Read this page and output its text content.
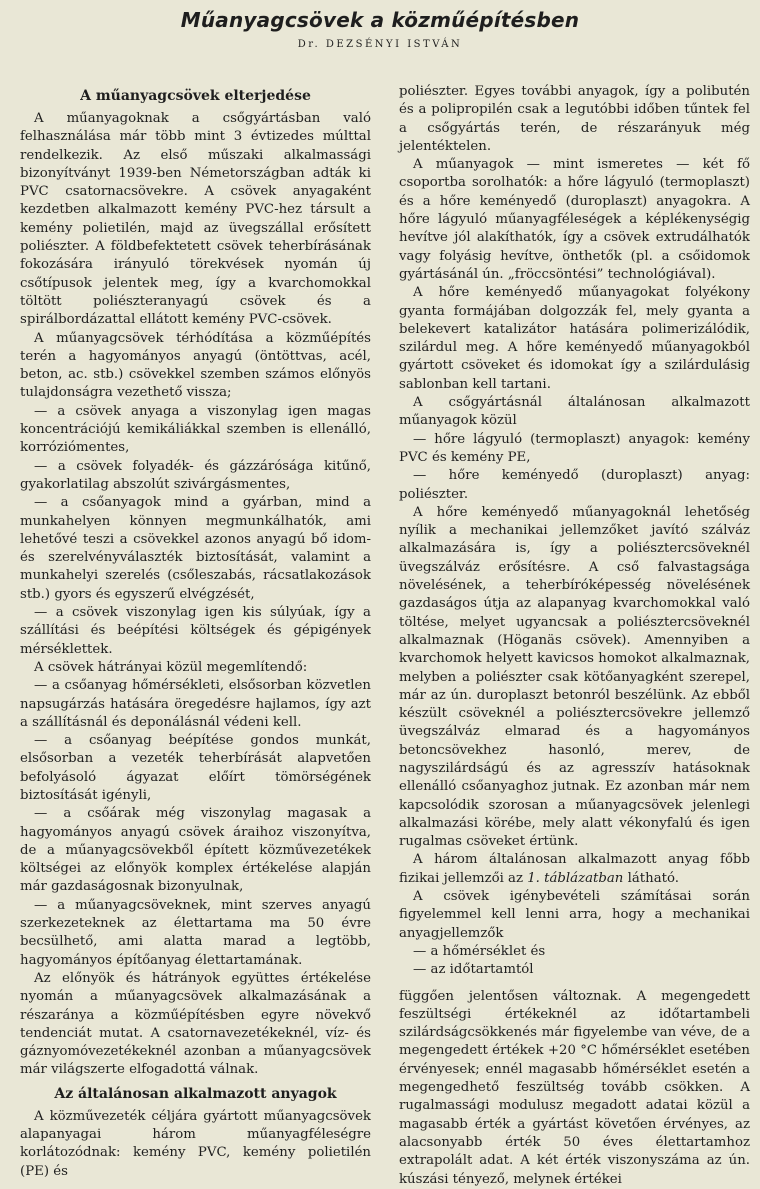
Műanyagcsövek a közműépítésben
Dr. DEZSÉNYI ISTVÁN
A műanyagcsövek elterjedése

A műanyagoknak a csőgyártásban való felhasználása már több mint 3 évtizedes múlttal rendelkezik. Az első műszaki alkalmassági bizonyítványt 1939-ben Németországban adták ki PVC csatornacsövekre. A csövek anyagaként kezdetben alkalmazott kemény PVC-hez társult a kemény polietilén, majd az üvegszállal erősített poliészter. A földbefektetett csövek teherbírásának fokozására irányuló törekvések nyomán új csőtípusok jelentek meg, így a kvarchomokkal töltött poliészteranyagú csövek és a spirálbordázattal ellátott kemény PVC-csövek.

A műanyagcsövek térhódítása a közműépítés terén a hagyományos anyagú (öntöttvas, acél, beton, ac. stb.) csövekkel szemben számos előnyös tulajdonságra vezethető vissza;

— a csövek anyaga a viszonylag igen magas koncentrációjú kemikáliákkal szemben is ellenálló, korróziómentes,

— a csövek folyadék- és gázzárósága kitűnő, gyakorlatilag abszolút szivárgásmentes,

— a csőanyagok mind a gyárban, mind a munkahelyen könnyen megmunkálhatók, ami lehetővé teszi a csövekkel azonos anyagú bő idom- és szerelvényválaszték biztosítását, valamint a munkahelyi szerelés (csőleszabás, rácsatlakozások stb.) gyors és egyszerű elvégzését,

— a csövek viszonylag igen kis súlyúak, így a szállítási és beépítési költségek és gépigények mérséklettek.

A csövek hátrányai közül megemlítendő:

— a csőanyag hőmérsékleti, elsősorban közvetlen napsugárzás hatására öregedésre hajlamos, így azt a szállításnál és deponálásnál védeni kell.

— a csőanyag beépítése gondos munkát, elsősorban a vezeték teherbírását alapvetően befolyásoló ágyazat előírt tömörségének biztosítását igényli,

— a csőárak még viszonylag magasak a hagyományos anyagú csövek áraihoz viszonyítva, de a műanyagcsövekből épített közművezetékek költségei az előnyök komplex értékelése alapján már gazdaságosnak bizonyulnak,

— a műanyagcsöveknek, mint szerves anyagú szerkezeteknek az élettartama ma 50 évre becsülhető, ami alatta marad a legtöbb, hagyományos építőanyag élettartamának.

Az előnyök és hátrányok együttes értékelése nyomán a műanyagcsövek alkalmazásának a részaránya a közműépítésben egyre növekvő tendenciát mutat. A csatornavezetékeknél, víz- és gáznyomóvezetékeknél azonban a műanyagcsövek már világszerte elfogadottá válnak.

Az általánosan alkalmazott anyagok

A közművezeték céljára gyártott műanyagcsövek alapanyagai három műanyagféleségre korlátozódnak: kemény PVC, kemény polietilén (PE) és

poliészter. Egyes további anyagok, így a polibutén és a polipropilén csak a legutóbbi időben tűntek fel a csőgyártás terén, de részarányuk még jelentéktelen.

A műanyagok — mint ismeretes — két fő csoportba sorolhatók: a hőre lágyuló (termoplaszt) és a hőre keményedő (duroplaszt) anyagokra. A hőre lágyuló műanyagféleségek a képlékenységig hevítve jól alakíthatók, így a csövek extrudálhatók vagy folyásig hevítve, önthetők (pl. a csőidomok gyártásánál ún. „fröccsöntési” technológiával).

A hőre keményedő műanyagokat folyékony gyanta formájában dolgozzák fel, mely gyanta a belekevert katalizátor hatására polimerizálódik, szilárdul meg. A hőre keményedő műanyagokból gyártott csöveket és idomokat így a szilárdulásig sablonban kell tartani.

A csőgyártásnál általánosan alkalmazott műanyagok közül

— hőre lágyuló (termoplaszt) anyagok: kemény PVC és kemény PE,

— hőre keményedő (duroplaszt) anyag: poliészter.

A hőre keményedő műanyagoknál lehetőség nyílik a mechanikai jellemzőket javító szálváz alkalmazására is, így a poliésztercsöveknél üvegszálváz erősítésre. A cső falvastagsága növelésének, a teherbíróképesség növelésének gazdaságos útja az alapanyag kvarchomokkal való töltése, melyet ugyancsak a poliésztercsöveknél alkalmaznak (Höganäs csövek). Amennyiben a kvarchomok helyett kavicsos homokot alkalmaznak, melyben a poliészter csak kötőanyagként szerepel, már az ún. duroplaszt betonról beszélünk. Az ebből készült csöveknél a poliésztercsövekre jellemző üvegszálváz elmarad és a hagyományos betoncsövekhez hasonló, merev, de nagyszilárdságú és az agresszív hatásoknak ellenálló csőanyaghoz jutnak. Ez azonban már nem kapcsolódik szorosan a műanyagcsövek jelenlegi alkalmazási körébe, mely alatt vékonyfalú és igen rugalmas csöveket értünk.

A három általánosan alkalmazott anyag főbb fizikai jellemzői az 1. táblázatban látható.

A csövek igénybevételi számításai során figyelemmel kell lenni arra, hogy a mechanikai anyagjellemzők

— a hőmérséklet és

— az időtartamtól

függően jelentősen változnak. A megengedett feszültségi értékeknél az időtartambeli szilárdságcsökkenés már figyelembe van véve, de a megengedett értékek +20 °C hőmérséklet esetében érvényesek; ennél magasabb hőmérséklet esetén a megengedhető feszültség tovább csökken. A rugalmassági modulusz megadott adatai közül a magasabb érték a gyártást követően érvényes, az alacsonyabb érték 50 éves élettartamhoz extrapolált adat. A két érték viszonyszáma az ún. kúszási tényező, melynek értékei
